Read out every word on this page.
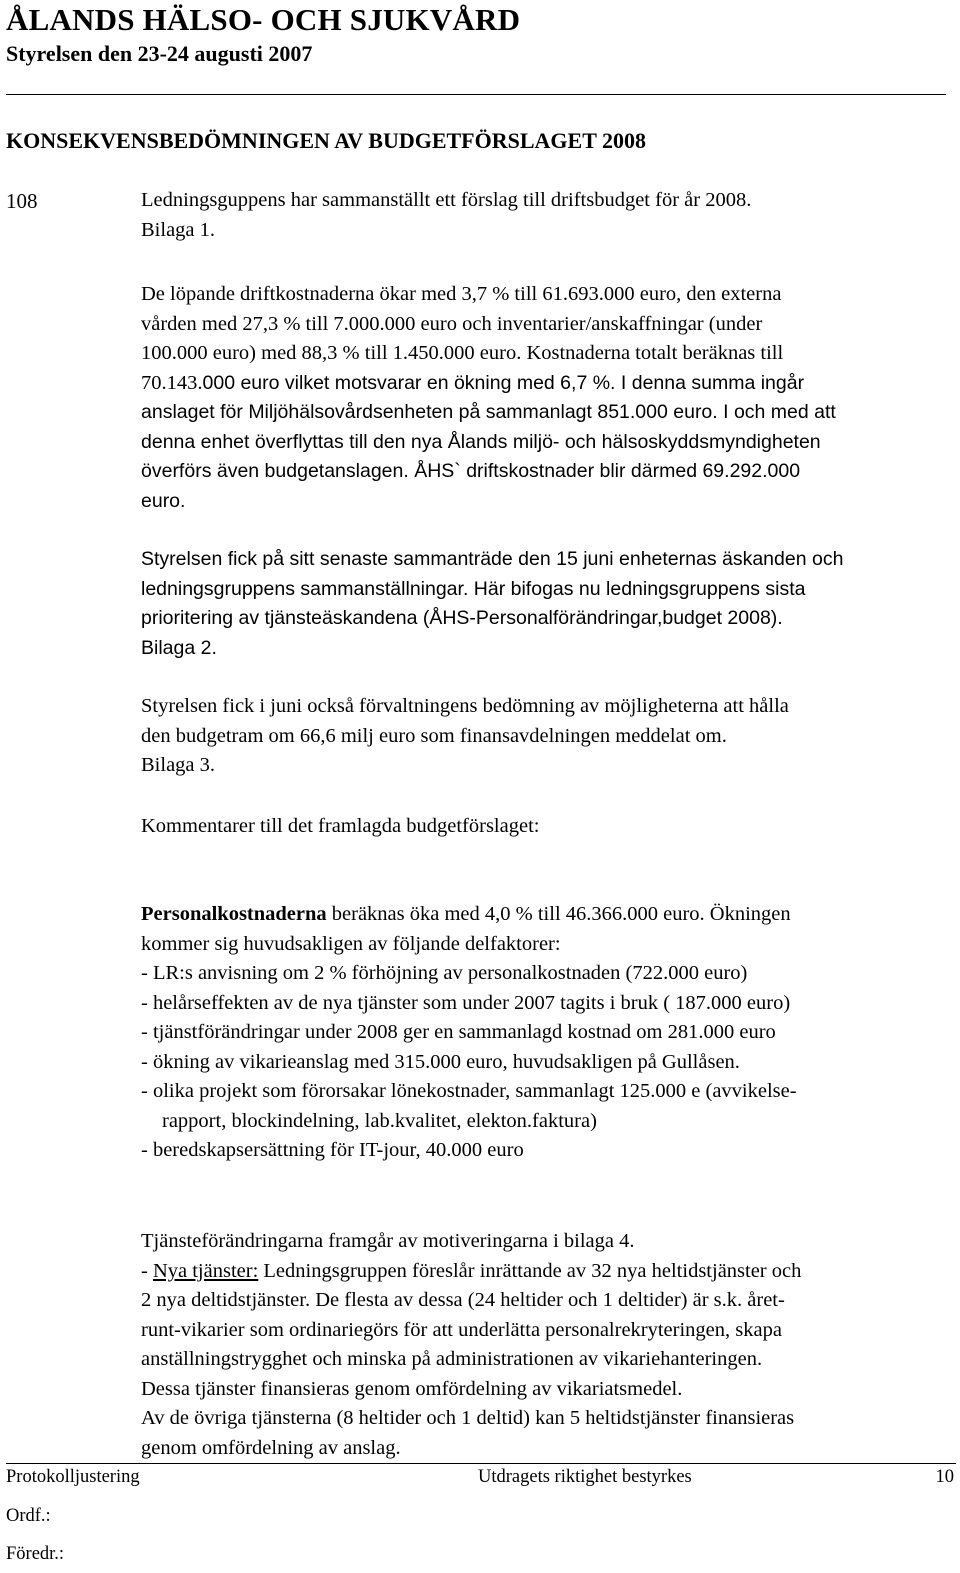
ÅLANDS HÄLSO- OCH SJUKVÅRD
Styrelsen den 23-24 augusti 2007
KONSEKVENSBEDÖMNINGEN AV BUDGETFÖRSLAGET 2008
108	Ledningsguppens har sammanställt ett förslag till driftsbudget för år 2008.
Bilaga 1.
De löpande driftkostnaderna ökar med 3,7 % till 61.693.000 euro, den externa
vården med 27,3 % till 7.000.000 euro och inventarier/anskaffningar (under
100.000 euro) med 88,3 % till 1.450.000 euro. Kostnaderna totalt beräknas till
70.143.000 euro vilket motsvarar en ökning med 6,7 %. I denna summa ingår
anslaget för Miljöhälsovårdsenheten på sammanlagt 851.000 euro. I och med att
denna enhet överflyttas till den nya Ålands miljö- och hälsoskyddsmyndigheten
överförs även budgetanslagen. ÅHS` driftskostnader blir därmed 69.292.000
euro.
Styrelsen fick på sitt senaste sammanträde den 15 juni enheternas äskanden och
ledningsgruppens sammanställningar. Här bifogas nu ledningsgruppens sista
prioritering av tjänsteäskandena (ÅHS-Personalförändringar,budget 2008).
Bilaga 2.
Styrelsen fick i juni också förvaltningens bedömning av möjligheterna att hålla
den budgetram om 66,6 milj euro som finansavdelningen meddelat om.
Bilaga 3.
Kommentarer till det framlagda budgetförslaget:
Personalkostnaderna beräknas öka med 4,0 % till 46.366.000 euro. Ökningen
kommer sig huvudsakligen av följande delfaktorer:
- LR:s anvisning om 2 % förhöjning av personalkostnaden (722.000 euro)
- helårseffekten av de nya tjänster som under 2007 tagits i bruk ( 187.000 euro)
- tjänstförändringar under 2008 ger en sammanlagd kostnad om 281.000 euro
- ökning av vikarieanslag med 315.000 euro, huvudsakligen på Gullåsen.
- olika projekt som förorsakar lönekostnader, sammanlagt 125.000 e (avvikelse-
rapport, blockindelning, lab.kvalitet, elekton.faktura)
- beredskapsersättning för IT-jour, 40.000 euro
Tjänsteförändringarna framgår av motiveringarna i bilaga 4.
- Nya tjänster: Ledningsgruppen föreslår inrättande av 32 nya heltidstjänster och
2 nya deltidstjänster. De flesta av dessa (24 heltider och 1 deltider) är s.k. året-
runt-vikarier som ordinariegörs för att underlätta personalrekryteringen, skapa
anställningstrygghet och minska på administrationen av vikariehanteringen.
Dessa tjänster finansieras genom omfördelning av vikariatsmedel.
Av de övriga tjänsterna (8 heltider och 1 deltid) kan 5 heltidstjänster finansieras
genom omfördelning av anslag.
Protokolljustering	Utdragets riktighet bestyrkes	10
Ordf.:
Föredr.:
